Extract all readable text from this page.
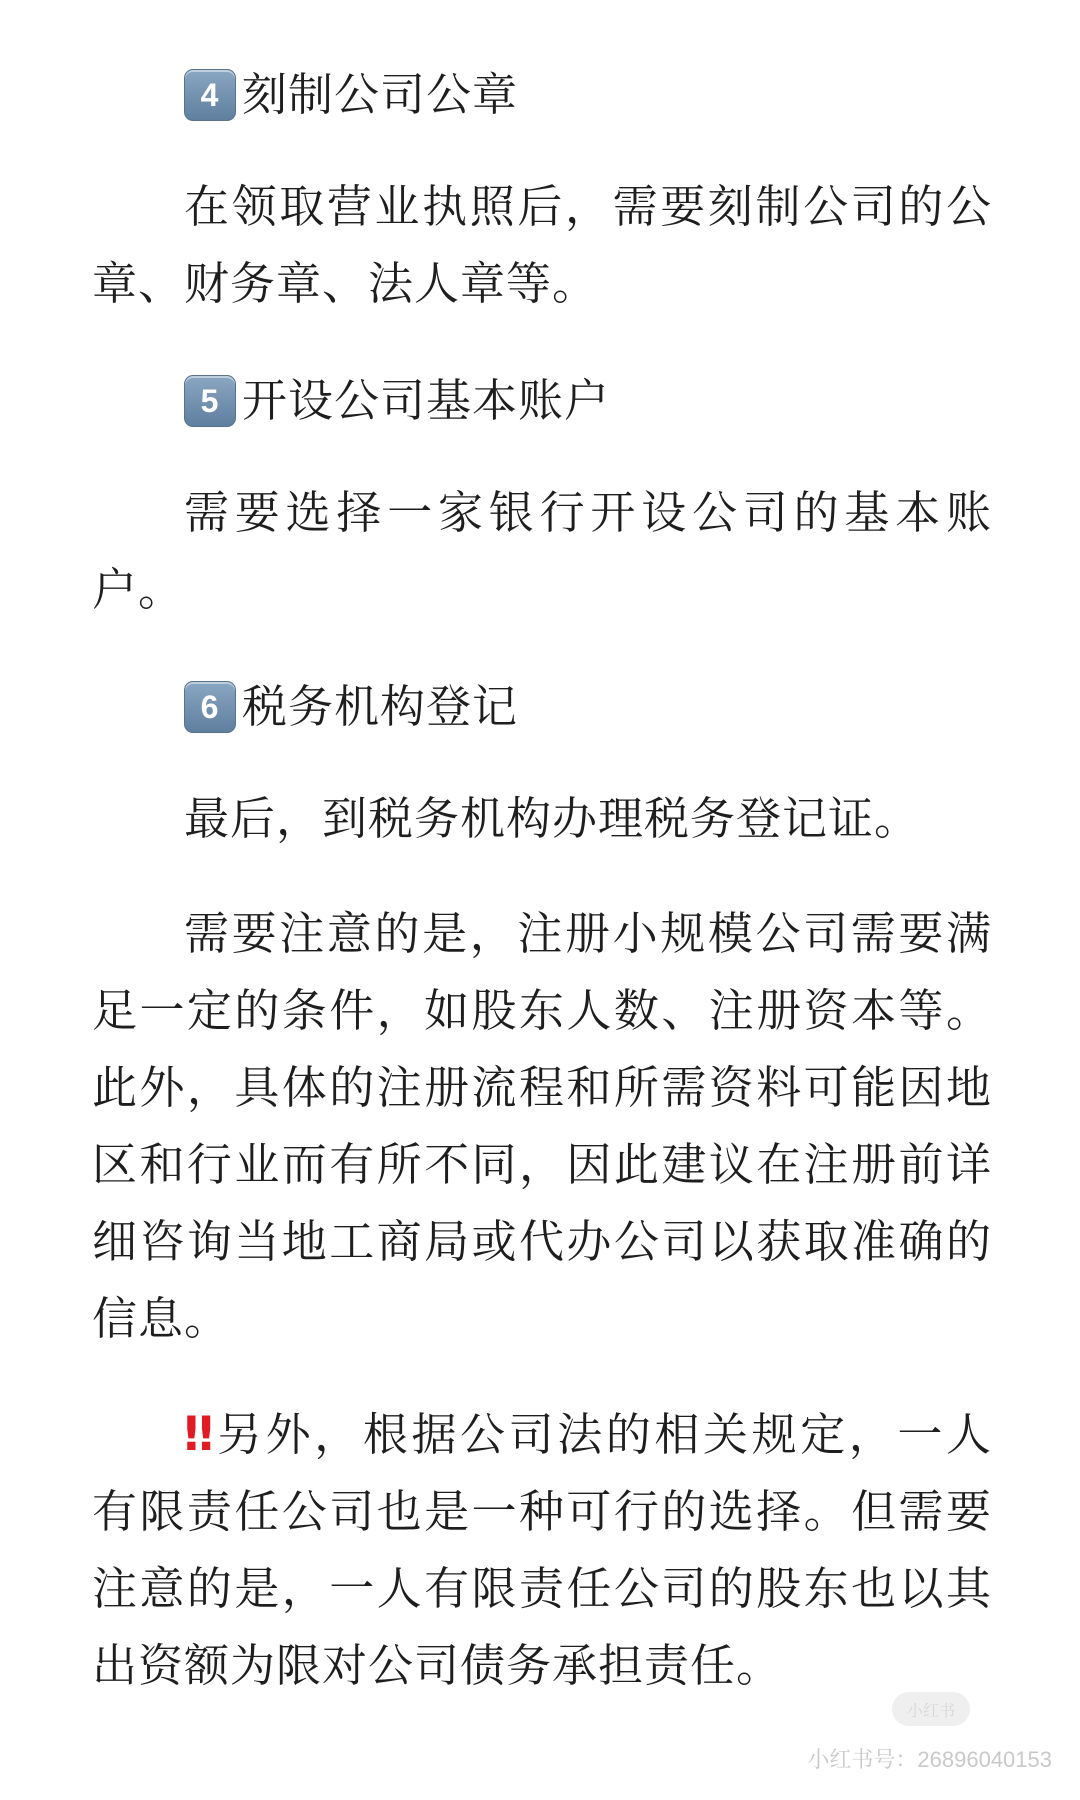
4 刻制公司公章

在领取营业执照后，需要刻制公司的公章、财务章、法人章等。

5 开设公司基本账户

需要选择一家银行开设公司的基本账户。

6 税务机构登记

最后，到税务机构办理税务登记证。

需要注意的是，注册小规模公司需要满足一定的条件，如股东人数、注册资本等。此外，具体的注册流程和所需资料可能因地区和行业而有所不同，因此建议在注册前详细咨询当地工商局或代办公司以获取准确的信息。

‼另外，根据公司法的相关规定，一人有限责任公司也是一种可行的选择。但需要注意的是，一人有限责任公司的股东也以其出资额为限对公司债务承担责任。

小红书
小红书号：26896040153
